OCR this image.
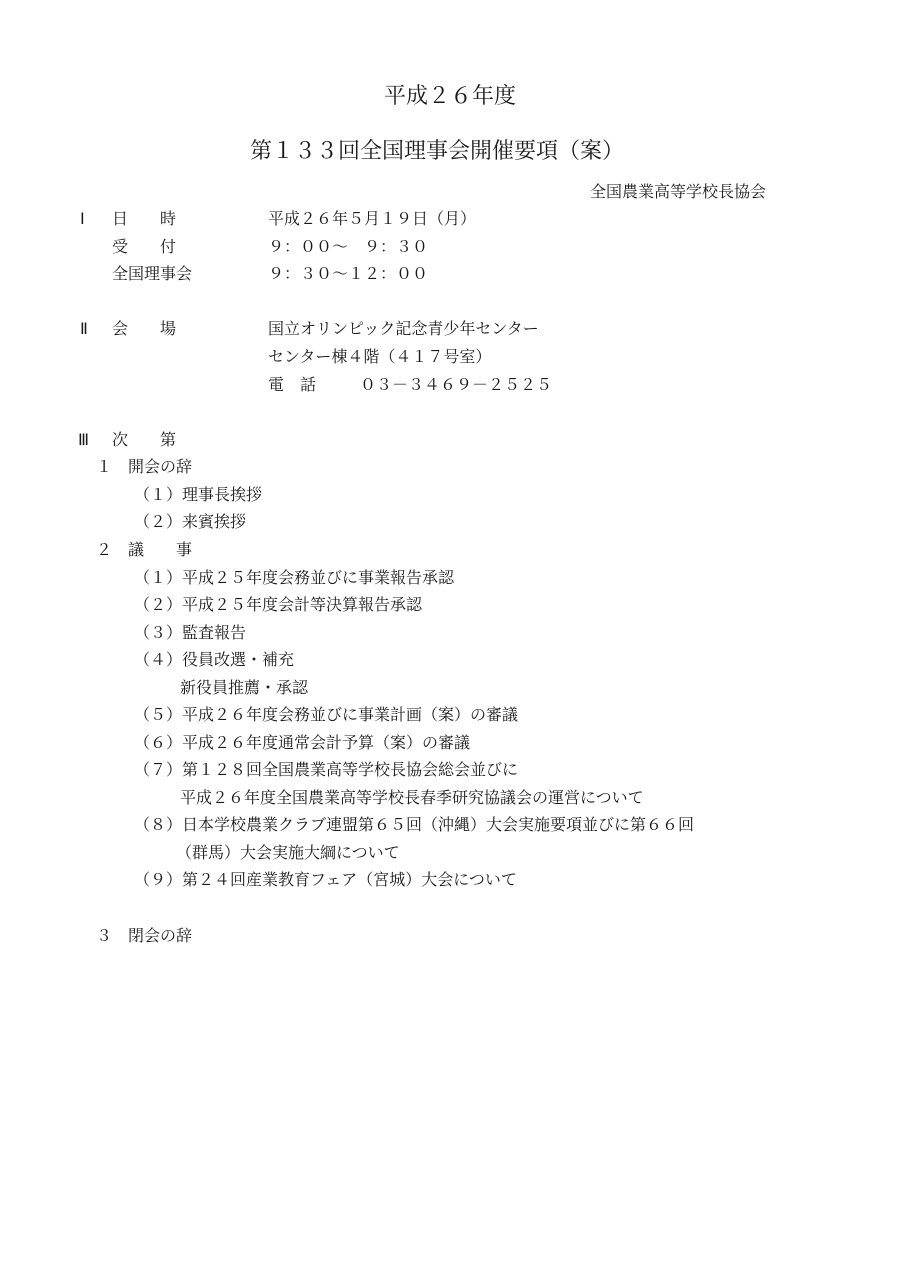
平成２６年度
第１３３回全国理事会開催要項（案）
全国農業高等学校長協会
Ⅰ 日　　時	平成２６年５月１９日（月）
受　　付	９：００～　９：３０
全国理事会	９：３０～１２：００
Ⅱ 会　　場	国立オリンピック記念青少年センター
センター棟４階（４１７号室）
電　話	０３－３４６９－２５２５
Ⅲ 次　　第
１ 開会の辞
（１）理事長挨拶
（２）来賓挨拶
２ 議　　事
（１）平成２５年度会務並びに事業報告承認
（２）平成２５年度会計等決算報告承認
（３）監査報告
（４）役員改選・補充
新役員推薦・承認
（５）平成２６年度会務並びに事業計画（案）の審議
（６）平成２６年度通常会計予算（案）の審議
（７）第１２８回全国農業高等学校長協会総会並びに
平成２６年度全国農業高等学校長春季研究協議会の運営について
（８）日本学校農業クラブ連盟第６５回（沖縄）大会実施要項並びに第６６回
（群馬）大会実施大綱について
（９）第２４回産業教育フェア（宮城）大会について
３ 閉会の辞
